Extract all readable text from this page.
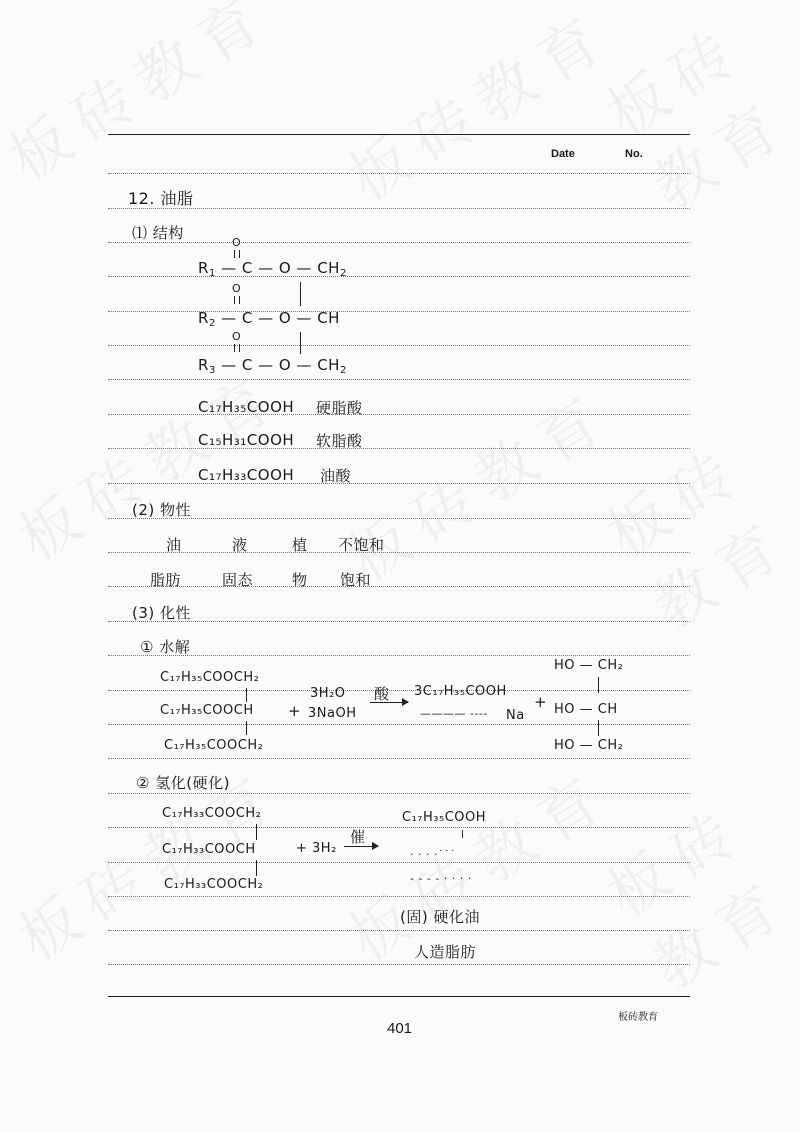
Date	No.
12. 油脂
⑴ 结构
O
$R_1$ — C — O — $CH_2$
O
$R_2$ — C — O — CH
O
$R_3$ — C — O — $CH_2$
C₁₇H₃₅COOH 硬脂酸
C₁₅H₃₁COOH 软脂酸
C₁₇H₃₃COOH 油酸
(2) 物性
油	液	植 不饱和
脂肪	固态	物 饱和
(3) 化性
① 水解
C₁₇H₃₅COOCH₂
C₁₇H₃₅COOCH
C₁₇H₃₅COOCH₂
+
3H₂O
3NaOH
酸 3C₁₇H₃₅COOH
———— ---- Na
+
HO — CH₂
HO — CH
HO — CH₂
② 氢化(硬化)
C₁₇H₃₃COOCH₂
C₁₇H₃₃COOCH
C₁₇H₃₃COOCH₂
+ 3H₂
催
C₁₇H₃₅COOH
· · · ·˙˙˙
- - - - · · · ·
(固) 硬化油
人造脂肪
401
板砖教育
